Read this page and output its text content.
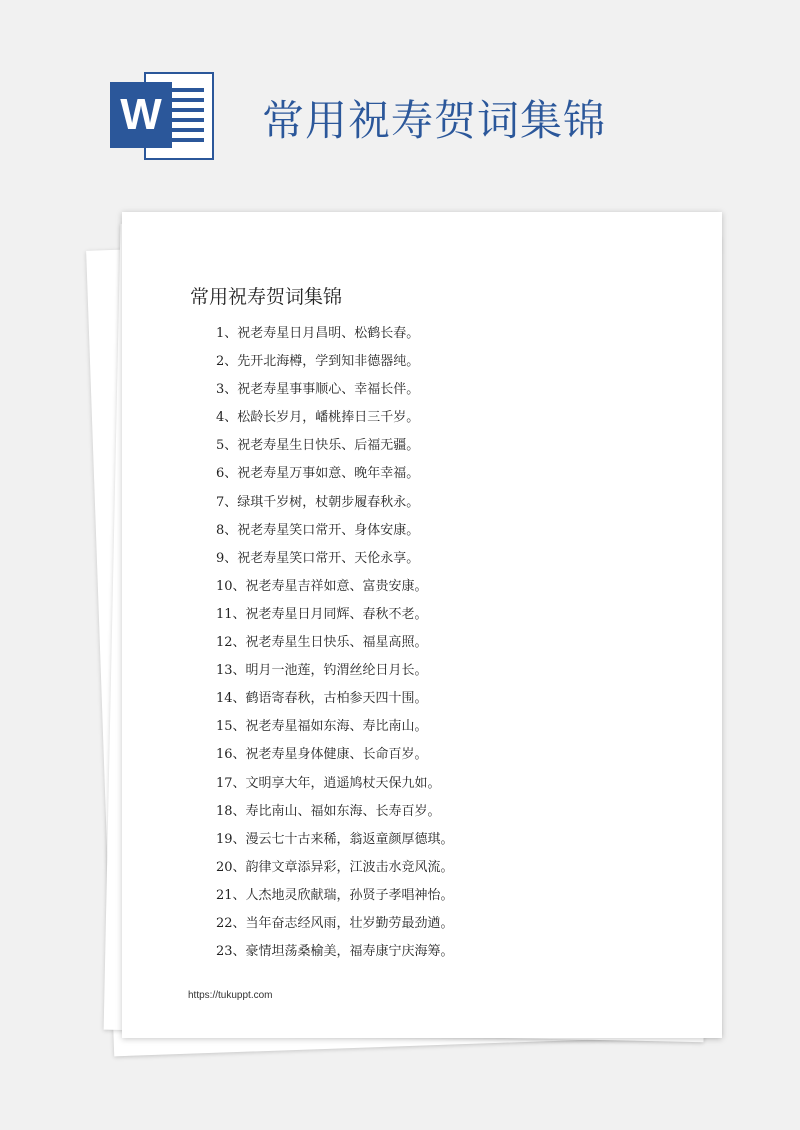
W 常用祝寿贺词集锦
常用祝寿贺词集锦
1、祝老寿星日月昌明、松鹤长春。
2、先开北海樽，学到知非德器纯。
3、祝老寿星事事顺心、幸福长伴。
4、松龄长岁月，嶓桃捧日三千岁。
5、祝老寿星生日快乐、后福无疆。
6、祝老寿星万事如意、晚年幸福。
7、绿琪千岁树，杖朝步履春秋永。
8、祝老寿星笑口常开、身体安康。
9、祝老寿星笑口常开、天伦永享。
10、祝老寿星吉祥如意、富贵安康。
11、祝老寿星日月同辉、春秋不老。
12、祝老寿星生日快乐、福星高照。
13、明月一池莲，钓渭丝纶日月长。
14、鹤语寄春秋，古柏参天四十围。
15、祝老寿星福如东海、寿比南山。
16、祝老寿星身体健康、长命百岁。
17、文明享大年，逍遥鸠杖天保九如。
18、寿比南山、福如东海、长寿百岁。
19、漫云七十古来稀，翁返童颜厚德琪。
20、韵律文章添异彩，江波击水竞风流。
21、人杰地灵欣献瑞，孙贤子孝唱神怡。
22、当年奋志经风雨，壮岁勤劳最劲遒。
23、豪情坦荡桑榆美，福寿康宁庆海筹。
https://tukuppt.com
